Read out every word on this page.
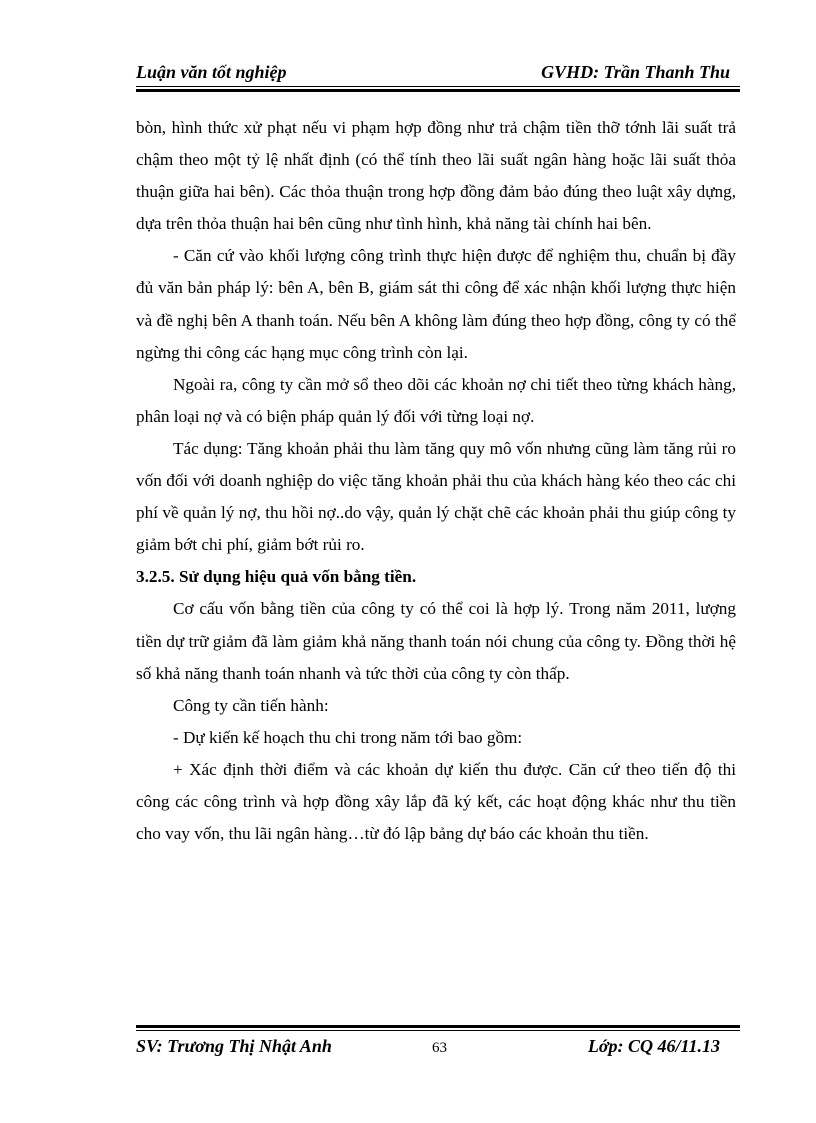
Luận văn tốt nghiệp	GVHD: Trần Thanh Thu

bòn, hình thức xử phạt nếu vi phạm hợp đồng như trả chậm tiền thỡ tớnh lãi suất trả chậm theo một tỷ lệ nhất định (có thể tính theo lãi suất ngân hàng hoặc lãi suất thỏa thuận giữa hai bên). Các thỏa thuận trong hợp đồng đảm bảo đúng theo luật xây dựng, dựa trên thỏa thuận hai bên cũng như tình hình, khả năng tài chính hai bên.

- Căn cứ vào khối lượng công trình thực hiện được để nghiệm thu, chuẩn bị đầy đủ văn bản pháp lý: bên A, bên B, giám sát thi công để xác nhận khối lượng thực hiện và đề nghị bên A thanh toán. Nếu bên A không làm đúng theo hợp đồng, công ty có thể ngừng thi công các hạng mục công trình còn lại.

Ngoài ra, công ty cần mở sổ theo dõi các khoản nợ chi tiết theo từng khách hàng, phân loại nợ và có biện pháp quản lý đối với từng loại nợ.

Tác dụng: Tăng khoản phải thu làm tăng quy mô vốn nhưng cũng làm tăng rủi ro vốn đối với doanh nghiệp do việc tăng khoản phải thu của khách hàng kéo theo các chi phí về quản lý nợ, thu hồi nợ..do vậy, quản lý chặt chẽ các khoản phải thu giúp công ty giảm bớt chi phí, giảm bớt rủi ro.

3.2.5. Sử dụng hiệu quả vốn bằng tiền.

Cơ cấu vốn bằng tiền của công ty có thể coi là hợp lý. Trong năm 2011, lượng tiền dự trữ giảm đã làm giảm khả năng thanh toán nói chung của công ty. Đồng thời hệ số khả năng thanh toán nhanh và tức thời của công ty còn thấp.

Công ty cần tiến hành:

- Dự kiến kế hoạch thu chi trong năm tới bao gồm:

+ Xác định thời điểm và các khoản dự kiến thu được. Căn cứ theo tiến độ thi công các công trình và hợp đồng xây lắp đã ký kết, các hoạt động khác như thu tiền cho vay vốn, thu lãi ngân hàng…từ đó lập bảng dự báo các khoản thu tiền.

SV: Trương Thị Nhật Anh	63	Lớp: CQ 46/11.13
